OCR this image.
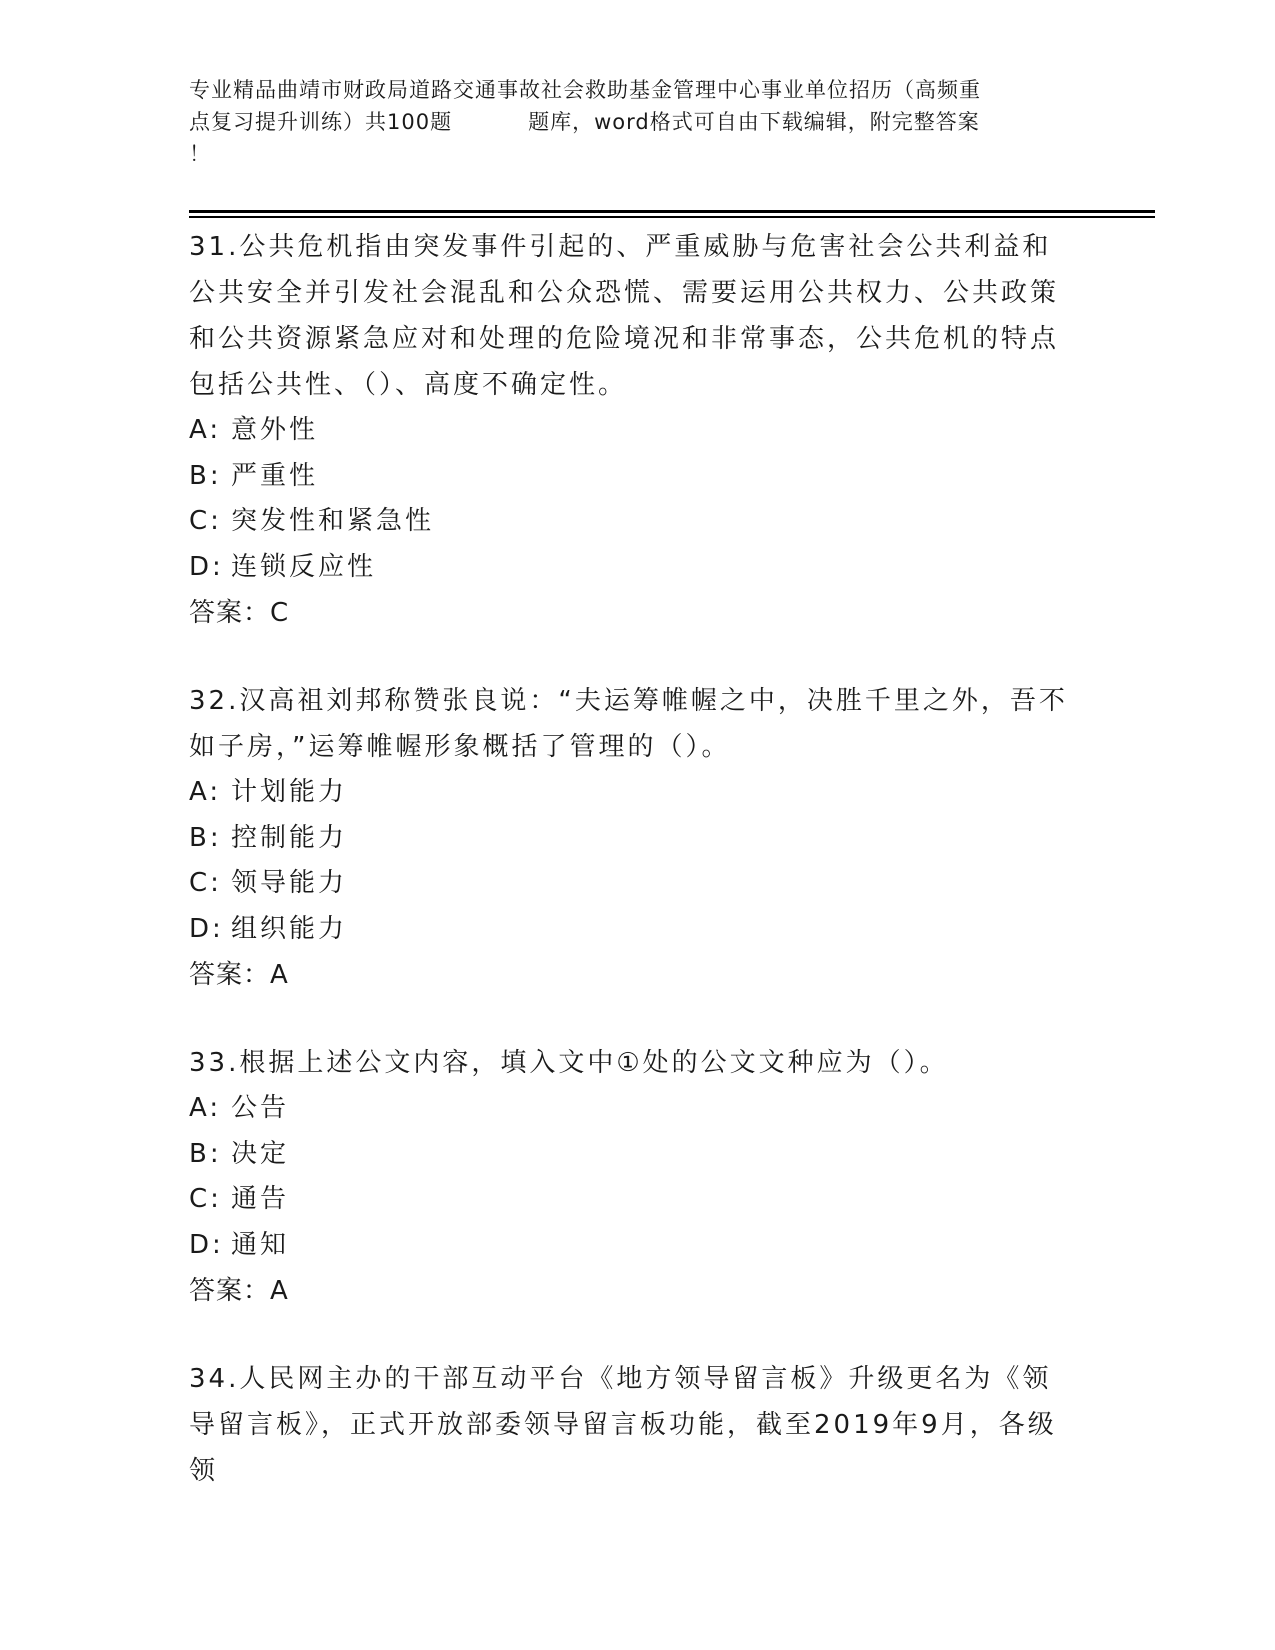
专业精品曲靖市财政局道路交通事故社会救助基金管理中心事业单位招历（高频重
点复习提升训练）共100题	题库，word格式可自由下载编辑，附完整答案
！
31.公共危机指由突发事件引起的、严重威胁与危害社会公共利益和公共安全并引发社会混乱和公众恐慌、需要运用公共权力、公共政策和公共资源紧急应对和处理的危险境况和非常事态，公共危机的特点包括公共性、（）、高度不确定性。
A: 意外性
B: 严重性
C: 突发性和紧急性
D: 连锁反应性
答案：C
32.汉高祖刘邦称赞张良说：“夫运筹帷幄之中，决胜千里之外，吾不如子房，”运筹帷幄形象概括了管理的（）。
A: 计划能力
B: 控制能力
C: 领导能力
D: 组织能力
答案：A
33.根据上述公文内容，填入文中①处的公文文种应为（）。
A: 公告
B: 决定
C: 通告
D: 通知
答案：A
34.人民网主办的干部互动平台《地方领导留言板》升级更名为《领导留言板》，正式开放部委领导留言板功能，截至2019年9月，各级领
